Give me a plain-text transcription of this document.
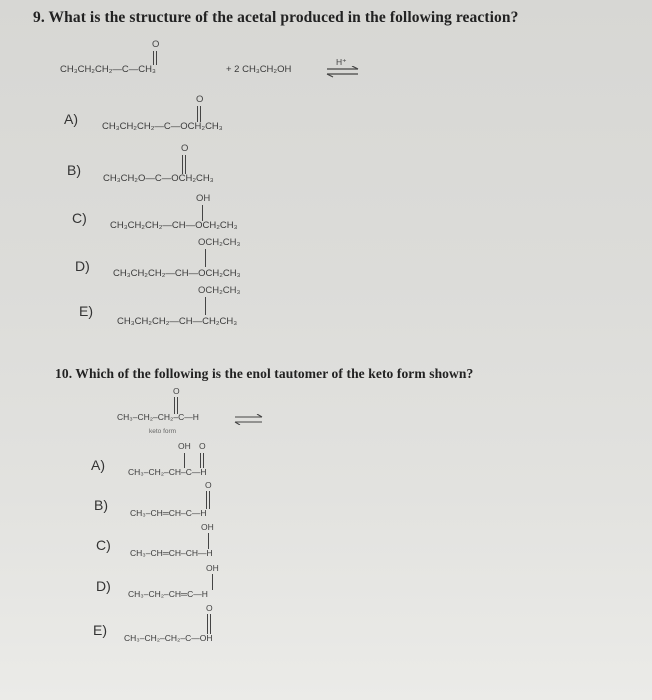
9. What is the structure of the acetal produced in the following reaction?
O
CH₃CH₂CH₂—C—CH₃	+ 2 CH₃CH₂OH
H⁺
A)
O
CH₃CH₂CH₂—C—OCH₂CH₃
B)
O
CH₃CH₂O—C—OCH₂CH₃
C)
OH
CH₃CH₂CH₂—CH—OCH₂CH₃
D)
OCH₂CH₃
CH₃CH₂CH₂—CH—OCH₂CH₃
E)
OCH₂CH₃
CH₃CH₂CH₂—CH—CH₂CH₃
10. Which of the following is the enol tautomer of the keto form shown?
O
CH₃–CH₂–CH₂–C—H
keto form
A)
OH O
CH₃–CH₂–CH–C—H
B)
O
CH₃–CH═CH–C—H
C)
OH
CH₃–CH═CH–CH—H
D)
OH
CH₃–CH₂–CH═C—H
E)
O
CH₃–CH₂–CH₂–C—OH
